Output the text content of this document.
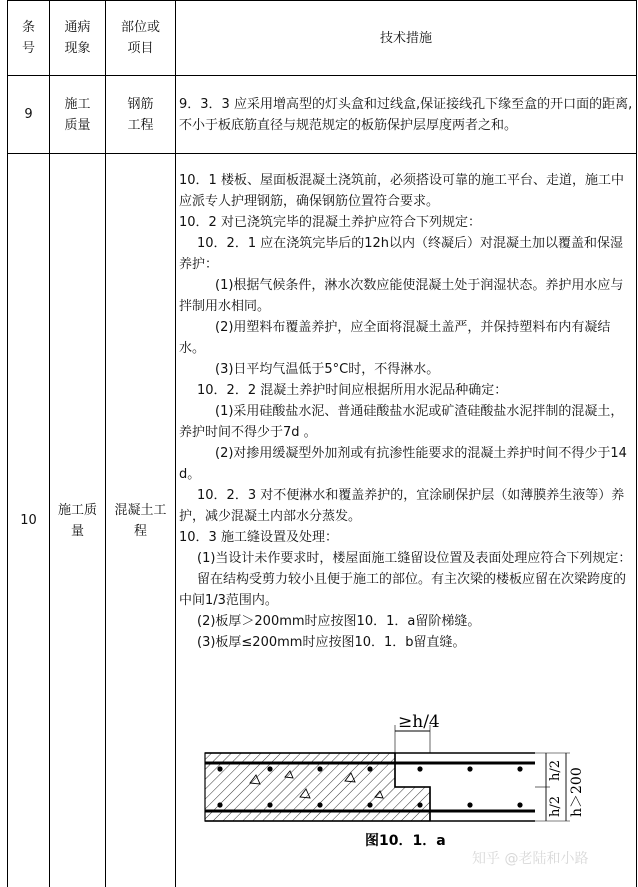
条
号
通病
现象
部位或
项目
技术措施
9
施工
质量
钢筋
工程

9．3．3 应采用增高型的灯头盒和过线盒,保证接线孔下缘至盒的开口面的距离,不小于板底筋直径与规范规定的板筋保护层厚度两者之和。

10
施工质
量
混凝土工
程

10．1 楼板、屋面板混凝土浇筑前，必须搭设可靠的施工平台、走道，施工中应派专人护理钢筋，确保钢筋位置符合要求。

10．2 对已浇筑完毕的混凝土养护应符合下列规定：

10．2．1 应在浇筑完毕后的12h以内（终凝后）对混凝土加以覆盖和保湿养护：

(1)根据气候条件，淋水次数应能使混凝土处于润湿状态。养护用水应与拌制用水相同。

(2)用塑料布覆盖养护，应全面将混凝土盖严，并保持塑料布内有凝结水。

(3)日平均气温低于5°C时，不得淋水。

10．2．2 混凝土养护时间应根据所用水泥品种确定：

(1)采用硅酸盐水泥、普通硅酸盐水泥或矿渣硅酸盐水泥拌制的混凝土，养护时间不得少于7d 。

(2)对掺用缓凝型外加剂或有抗渗性能要求的混凝土养护时间不得少于14d。

10．2．3 对不便淋水和覆盖养护的，宜涂刷保护层（如薄膜养生液等）养护，减少混凝土内部水分蒸发。

10．3 施工缝设置及处理：

(1)当设计未作要求时，楼屋面施工缝留设位置及表面处理应符合下列规定：

留在结构受剪力较小且便于施工的部位。有主次梁的楼板应留在次梁跨度的中间1/3范围内。

(2)板厚＞200mm时应按图10．1．a留阶梯缝。

(3)板厚≤200mm时应按图10．1．b留直缝。

≥h/4
h/2
h/2 h＞200
图10．1．a
知乎 @老陆和小路
